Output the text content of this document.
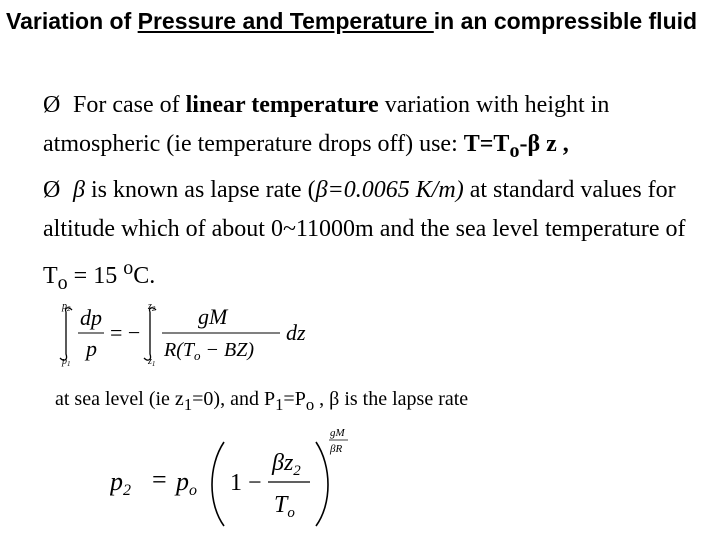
Variation of Pressure and Temperature in an compressible fluid
Ø For case of linear temperature variation with height in atmospheric (ie temperature drops off) use: $T=T_o-\beta$ z ,
Ø β is known as lapse rate (β=0.0065 K/m) at standard values for altitude which of about 0~11000m and the sea level temperature of $T_o = 15$ $^o$C.
$p_2$
$p_1$
dp
p
= −
$z_2$
$z_1$
gM
$R(T_o - BZ)$
dz
at sea level (ie $z_1=0$), and $P_1=P_o$ , β is the lapse rate
p2 = po 1 −
$\beta z_2$
$T_o$
gM
βR
